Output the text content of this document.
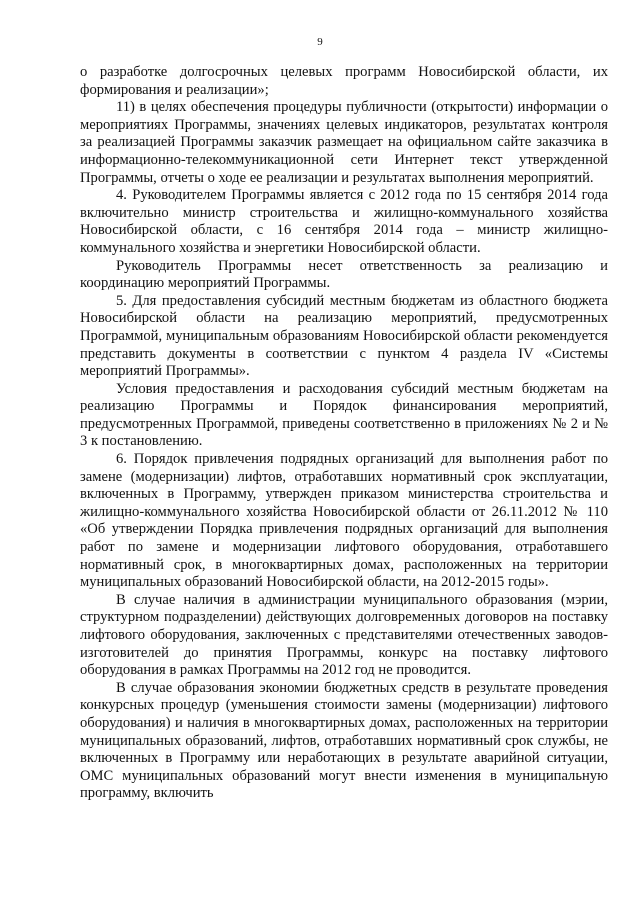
9

о разработке долгосрочных целевых программ Новосибирской области, их формирования и реализации»;

11) в целях обеспечения процедуры публичности (открытости) информации о мероприятиях Программы, значениях целевых индикаторов, результатах контроля за реализацией Программы заказчик размещает на официальном сайте заказчика в информационно-телекоммуникационной сети Интернет текст утвержденной Программы, отчеты о ходе ее реализации и результатах выполнения мероприятий.

4. Руководителем Программы является с 2012 года по 15 сентября 2014 года включительно министр строительства и жилищно-коммунального хозяйства Новосибирской области, с 16 сентября 2014 года – министр жилищно-коммунального хозяйства и энергетики Новосибирской области.

Руководитель Программы несет ответственность за реализацию и координацию мероприятий Программы.

5. Для предоставления субсидий местным бюджетам из областного бюджета Новосибирской области на реализацию мероприятий, предусмотренных Программой, муниципальным образованиям Новосибирской области рекомендуется представить документы в соответствии с пунктом 4 раздела IV «Системы мероприятий Программы».

Условия предоставления и расходования субсидий местным бюджетам на реализацию Программы и Порядок финансирования мероприятий, предусмотренных Программой, приведены соответственно в приложениях № 2 и № 3 к постановлению.

6. Порядок привлечения подрядных организаций для выполнения работ по замене (модернизации) лифтов, отработавших нормативный срок эксплуатации, включенных в Программу, утвержден приказом министерства строительства и жилищно-коммунального хозяйства Новосибирской области от 26.11.2012 № 110 «Об утверждении Порядка привлечения подрядных организаций для выполнения работ по замене и модернизации лифтового оборудования, отработавшего нормативный срок, в многоквартирных домах, расположенных на территории муниципальных образований Новосибирской области, на 2012-2015 годы».

В случае наличия в администрации муниципального образования (мэрии, структурном подразделении) действующих долговременных договоров на поставку лифтового оборудования, заключенных с представителями отечественных заводов-изготовителей до принятия Программы, конкурс на поставку лифтового оборудования в рамках Программы на 2012 год не проводится.

В случае образования экономии бюджетных средств в результате проведения конкурсных процедур (уменьшения стоимости замены (модернизации) лифтового оборудования) и наличия в многоквартирных домах, расположенных на территории муниципальных образований, лифтов, отработавших нормативный срок службы, не включенных в Программу или неработающих в результате аварийной ситуации, ОМС муниципальных образований могут внести изменения в муниципальную программу, включить
